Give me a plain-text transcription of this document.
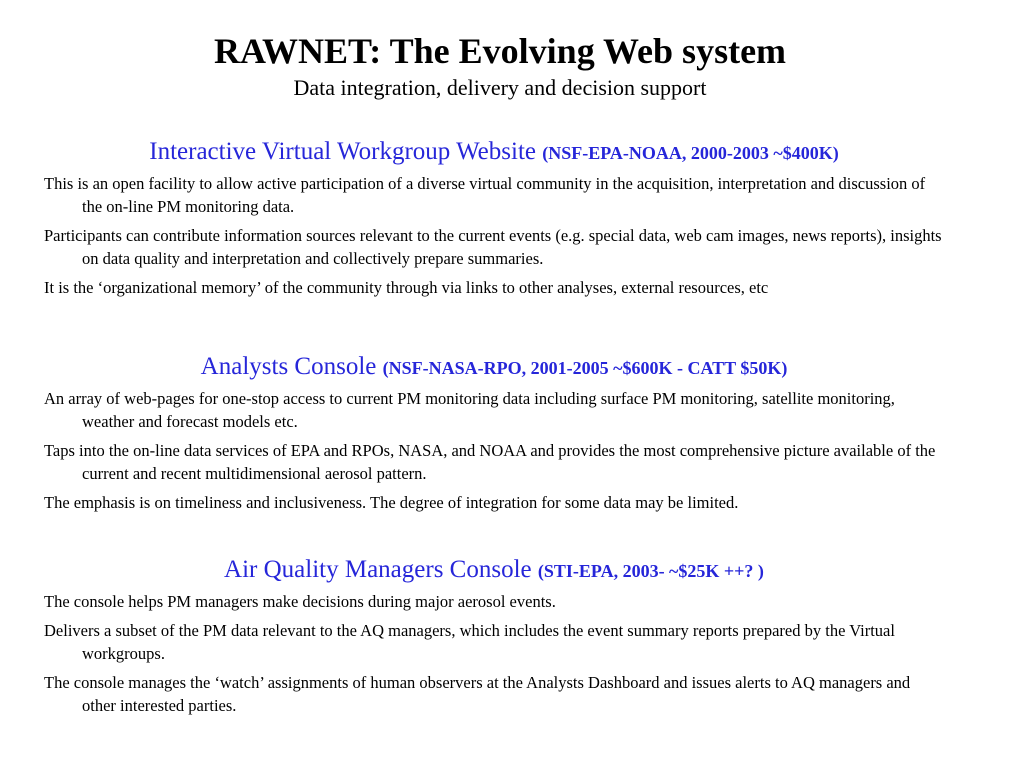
RAWNET: The Evolving Web system
Data integration, delivery and decision support
Interactive Virtual Workgroup Website (NSF-EPA-NOAA, 2000-2003 ~$400K)

This is an open facility to allow active participation of a diverse virtual community in the acquisition, interpretation and discussion of the on-line PM monitoring data.

Participants can contribute information sources relevant to the current events (e.g. special data, web cam images, news reports), insights on data quality and interpretation and collectively prepare summaries.

It is the ‘organizational memory’ of the community through via links to other analyses, external resources, etc

Analysts Console (NSF-NASA-RPO, 2001-2005 ~$600K - CATT $50K)

An array of web-pages for one-stop access to current PM monitoring data including surface PM monitoring, satellite monitoring, weather and forecast models etc.

Taps into the on-line data services of EPA and RPOs, NASA, and NOAA and provides the most comprehensive picture available of the current and recent multidimensional aerosol pattern.

The emphasis is on timeliness and inclusiveness. The degree of integration for some data may be limited.

Air Quality Managers Console (STI-EPA, 2003- ~$25K ++? )

The console helps PM managers make decisions during major aerosol events.

Delivers a subset of the PM data relevant to the AQ managers, which includes the event summary reports prepared by the Virtual workgroups.

The console manages the ‘watch’ assignments of human observers at the Analysts Dashboard and issues alerts to AQ managers and other interested parties.
